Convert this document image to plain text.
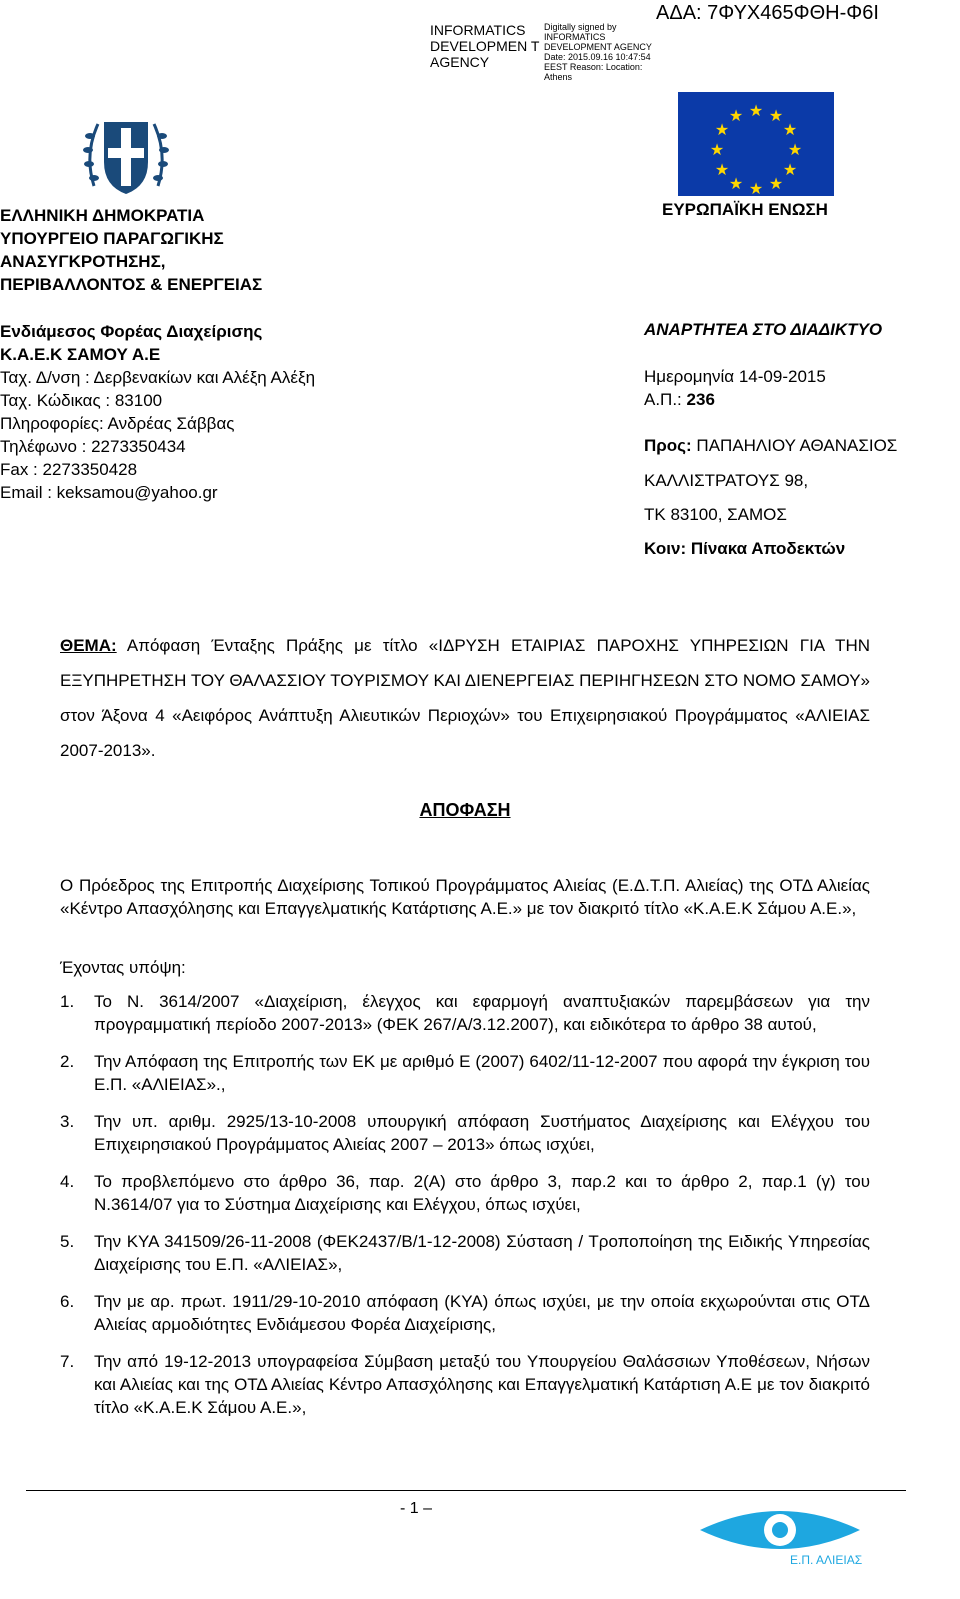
INFORMATICS DEVELOPMEN T AGENCY
Digitally signed by INFORMATICS DEVELOPMENT AGENCY Date: 2015.09.16 10:47:54 EEST Reason: Location: Athens
ΑΔΑ: 7ΦΥΧ465ΦΘΗ-Φ6Ι
ΕΛΛΗΝΙΚΗ ΔΗΜΟΚΡΑΤΙΑ
ΥΠΟΥΡΓΕΙΟ ΠΑΡΑΓΩΓΙΚΗΣ
ΑΝΑΣΥΓΚΡΟΤΗΣΗΣ,
ΠΕΡΙΒΑΛΛΟΝΤΟΣ & ΕΝΕΡΓΕΙΑΣ
Ενδιάμεσος Φορέας Διαχείρισης
Κ.Α.Ε.Κ ΣΑΜΟΥ Α.Ε
Ταχ. Δ/νση : Δερβενακίων και Αλέξη Αλέξη
Ταχ. Κώδικας : 83100
Πληροφορίες: Ανδρέας Σάββας
Τηλέφωνο : 2273350434
Fax : 2273350428
Email : keksamou@yahoo.gr
★ ★
★
★
★
★
★
★
★
★
★
★
ΕΥΡΩΠΑΪΚΗ ΕΝΩΣΗ
ΑΝΑΡΤΗΤΕΑ ΣΤΟ ΔΙΑΔΙΚΤΥΟ
Ημερομηνία 14-09-2015
Α.Π.: 236
Προς: ΠΑΠΑΗΛΙΟΥ ΑΘΑΝΑΣΙΟΣ
ΚΑΛΛΙΣΤΡΑΤΟΥΣ 98,
ΤΚ 83100, ΣΑΜΟΣ
Κοιν: Πίνακα Αποδεκτών
ΘΕΜΑ: Απόφαση Ένταξης Πράξης με τίτλο «ΙΔΡΥΣΗ ΕΤΑΙΡΙΑΣ ΠΑΡΟΧΗΣ ΥΠΗΡΕΣΙΩΝ ΓΙΑ ΤΗΝ ΕΞΥΠΗΡΕΤΗΣΗ ΤΟΥ ΘΑΛΑΣΣΙΟΥ ΤΟΥΡΙΣΜΟΥ ΚΑΙ ΔΙΕΝΕΡΓΕΙΑΣ ΠΕΡΙΗΓΗΣΕΩΝ ΣΤΟ ΝΟΜΟ ΣΑΜΟΥ» στον Άξονα 4 «Αειφόρος Ανάπτυξη Αλιευτικών Περιοχών» του Επιχειρησιακού Προγράμματος «ΑΛΙΕΙΑΣ 2007-2013».
ΑΠΟΦΑΣΗ
Ο Πρόεδρος της Επιτροπής Διαχείρισης Τοπικού Προγράμματος Αλιείας (Ε.Δ.Τ.Π. Αλιείας) της ΟΤΔ Αλιείας «Κέντρο Απασχόλησης και Επαγγελματικής Κατάρτισης Α.Ε.» με τον διακριτό τίτλο «Κ.Α.Ε.Κ Σάμου Α.Ε.»,
Έχοντας υπόψη:
1.	Το Ν. 3614/2007 «Διαχείριση, έλεγχος και εφαρμογή αναπτυξιακών παρεμβάσεων για την προγραμματική περίοδο 2007-2013» (ΦΕΚ 267/Α/3.12.2007), και ειδικότερα το άρθρο 38 αυτού,
2.	Την Απόφαση της Επιτροπής των ΕΚ με αριθμό Ε (2007) 6402/11-12-2007 που αφορά την έγκριση του Ε.Π. «ΑΛΙΕΙΑΣ».,
3.	Την υπ. αριθμ. 2925/13-10-2008 υπουργική απόφαση Συστήματος Διαχείρισης και Ελέγχου του Επιχειρησιακού Προγράμματος Αλιείας 2007 – 2013» όπως ισχύει,
4.	Το προβλεπόμενο στο άρθρο 36, παρ. 2(Α) στο άρθρο 3, παρ.2 και το άρθρο 2, παρ.1 (γ) του Ν.3614/07 για το Σύστημα Διαχείρισης και Ελέγχου, όπως ισχύει,
5.	Την ΚΥΑ 341509/26-11-2008 (ΦΕΚ2437/Β/1-12-2008) Σύσταση / Τροποποίηση της Ειδικής Υπηρεσίας Διαχείρισης του Ε.Π. «ΑΛΙΕΙΑΣ»,
6.	Την με αρ. πρωτ. 1911/29-10-2010 απόφαση (ΚΥΑ) όπως ισχύει, με την οποία εκχωρούνται στις ΟΤΔ Αλιείας αρμοδιότητες Ενδιάμεσου Φορέα Διαχείρισης,
7.	Την από 19-12-2013 υπογραφείσα Σύμβαση μεταξύ του Υπουργείου Θαλάσσιων Υποθέσεων, Νήσων και Αλιείας και της ΟΤΔ Αλιείας Κέντρο Απασχόλησης και Επαγγελματική Κατάρτιση Α.Ε με τον διακριτό τίτλο «Κ.Α.Ε.Κ Σάμου Α.Ε.»,
- 1 –
Ε.Π. ΑΛΙΕΙΑΣ
